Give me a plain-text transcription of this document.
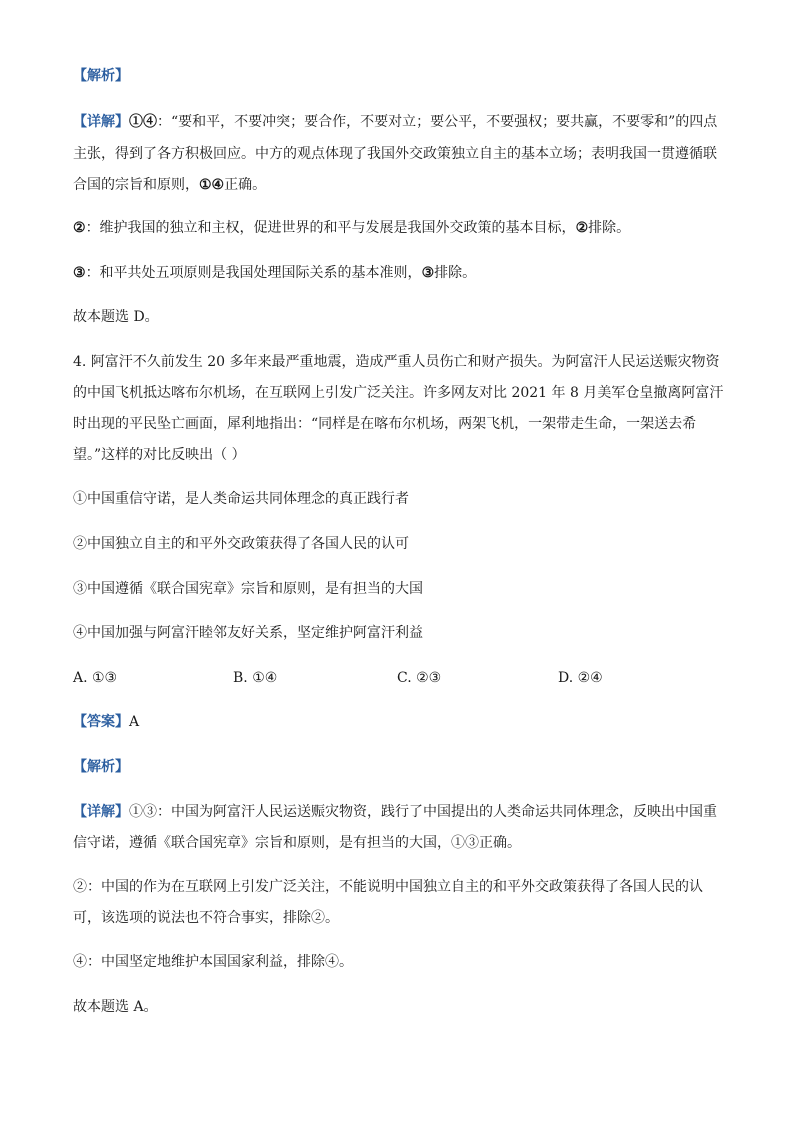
【解析】
【详解】①④：“要和平，不要冲突；要合作，不要对立；要公平，不要强权；要共赢，不要零和”的四点
主张，得到了各方积极回应。中方的观点体现了我国外交政策独立自主的基本立场；表明我国一贯遵循联
合国的宗旨和原则，①④正确。
②：维护我国的独立和主权，促进世界的和平与发展是我国外交政策的基本目标，②排除。
③：和平共处五项原则是我国处理国际关系的基本准则，③排除。
故本题选 D。
4. 阿富汗不久前发生 20 多年来最严重地震，造成严重人员伤亡和财产损失。为阿富汗人民运送赈灾物资
的中国飞机抵达喀布尔机场，在互联网上引发广泛关注。许多网友对比 2021 年 8 月美军仓皇撤离阿富汗
时出现的平民坠亡画面，犀利地指出：“同样是在喀布尔机场，两架飞机，一架带走生命，一架送去希
望。”这样的对比反映出（ ）
①中国重信守诺，是人类命运共同体理念的真正践行者
②中国独立自主的和平外交政策获得了各国人民的认可
③中国遵循《联合国宪章》宗旨和原则，是有担当的大国
④中国加强与阿富汗睦邻友好关系，坚定维护阿富汗利益
A. ①③	B. ①④	C. ②③	D. ②④
【答案】A
【解析】
【详解】①③：中国为阿富汗人民运送赈灾物资，践行了中国提出的人类命运共同体理念，反映出中国重
信守诺，遵循《联合国宪章》宗旨和原则，是有担当的大国，①③正确。
②：中国的作为在互联网上引发广泛关注，不能说明中国独立自主的和平外交政策获得了各国人民的认
可，该选项的说法也不符合事实，排除②。
④：中国坚定地维护本国国家利益，排除④。
故本题选 A。
